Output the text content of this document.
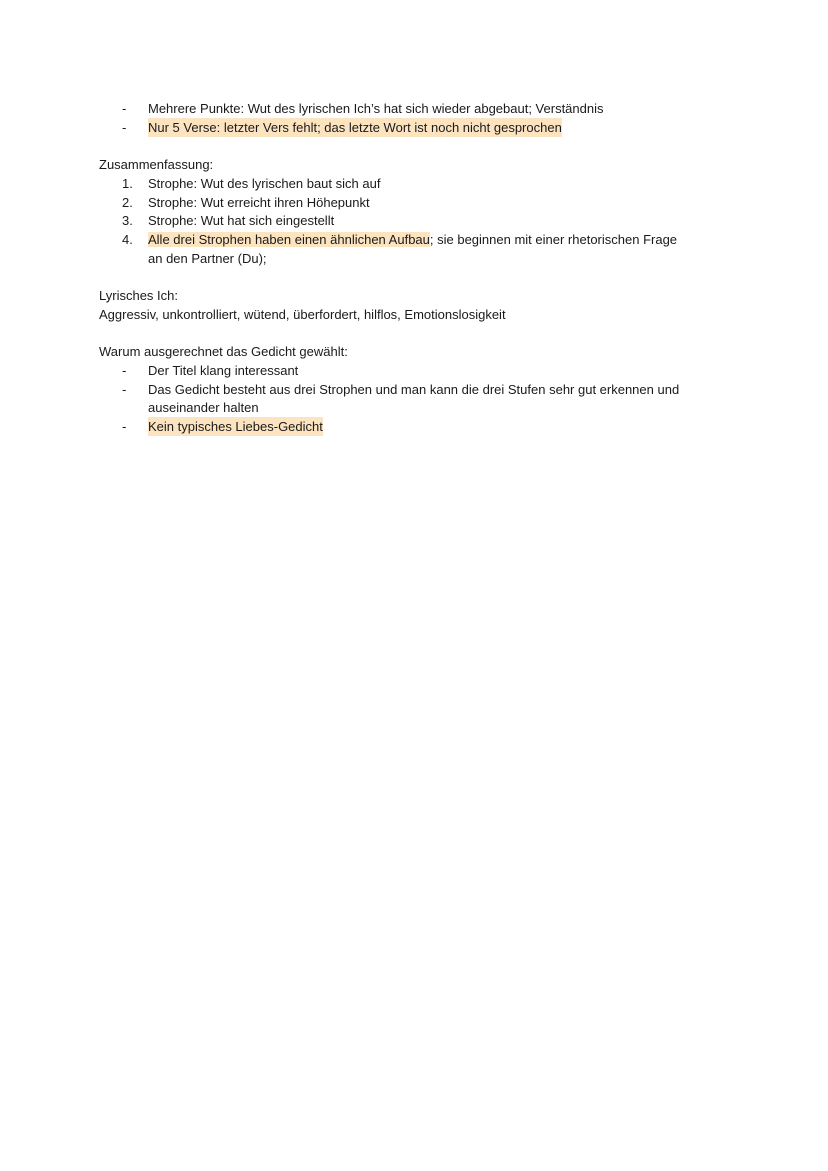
-	Mehrere Punkte: Wut des lyrischen Ich’s hat sich wieder abgebaut; Verständnis
-	Nur 5 Verse: letzter Vers fehlt; das letzte Wort ist noch nicht gesprochen
Zusammenfassung:
1. Strophe: Wut des lyrischen baut sich auf
2. Strophe: Wut erreicht ihren Höhepunkt
3. Strophe: Wut hat sich eingestellt
4. Alle drei Strophen haben einen ähnlichen Aufbau; sie beginnen mit einer rhetorischen Frage
an den Partner (Du);
Lyrisches Ich:
Aggressiv, unkontrolliert, wütend, überfordert, hilflos, Emotionslosigkeit
Warum ausgerechnet das Gedicht gewählt:
-	Der Titel klang interessant
-	Das Gedicht besteht aus drei Strophen und man kann die drei Stufen sehr gut erkennen und
auseinander halten
-	Kein typisches Liebes-Gedicht
